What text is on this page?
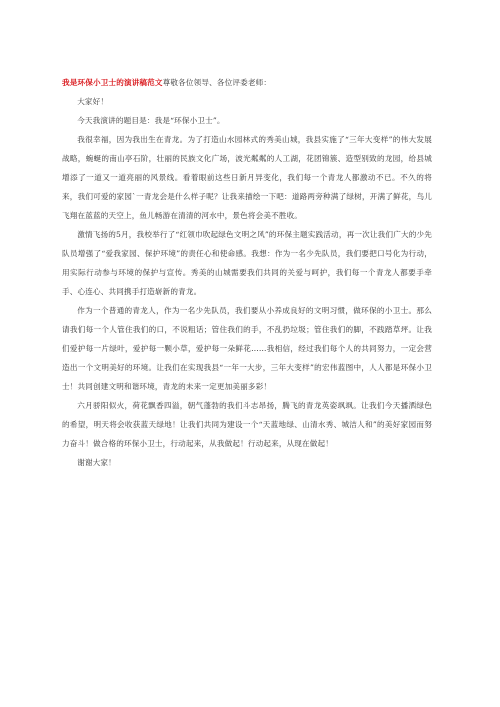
我是环保小卫士的演讲稿范文尊敬各位领导、各位评委老师：

大家好！

今天我演讲的题目是：我是“环保小卫士”。

我很幸福，因为我出生在青龙。为了打造山水园林式的秀美山城，我县实施了“三年大变样”的伟大发展战略，蜿蜒的南山亭石阶，壮丽的民族文化广场，波光粼粼的人工湖，花团锦簇、造型别致的龙园，给县城增添了一道又一道亮丽的风景线。看着眼前这些日新月异变化，我们每一个青龙人都激动不已。不久的将来，我们可爱的家园`一青龙会是什么样子呢？让我来描绘一下吧：道路两旁种满了绿树，开满了鲜花，鸟儿飞翔在蓝蓝的天空上，鱼儿畅游在清清的河水中，景色将会美不胜收。

激情飞扬的5月，我校举行了“红领巾吹起绿色文明之风”的环保主题实践活动，再一次让我们广大的少先队员增强了“爱我家园、保护环境”的责任心和使命感。我想：作为一名少先队员，我们要把口号化为行动，用实际行动参与环境的保护与宣传。秀美的山城需要我们共同的关爱与呵护，我们每一个青龙人都要手牵手、心连心、共同携手打造崭新的青龙。

作为一个普通的青龙人，作为一名少先队员，我们要从小养成良好的文明习惯，做环保的小卫士。那么请我们每一个人管住我们的口，不说粗话；管住我们的手，不乱扔垃圾；管住我们的脚，不践踏草坪。让我们爱护每一片绿叶，爱护每一颗小草，爱护每一朵鲜花……我相信，经过我们每个人的共同努力，一定会营造出一个文明美好的环境。让我们在实现我县“一年一大步，三年大变样”的宏伟蓝图中，人人都是环保小卫士！共同创建文明和谐环境，青龙的未来一定更加美丽多彩！

六月骄阳似火，荷花飘香四溢，朝气蓬勃的我们斗志昂扬，腾飞的青龙英姿飒飒。让我们今天播洒绿色的希望，明天将会收获蓝天绿地！让我们共同为建设一个“天蓝地绿、山清水秀、城洁人和”的美好家园而努力奋斗！做合格的环保小卫士，行动起来，从我做起！行动起来，从现在做起！

谢谢大家！
